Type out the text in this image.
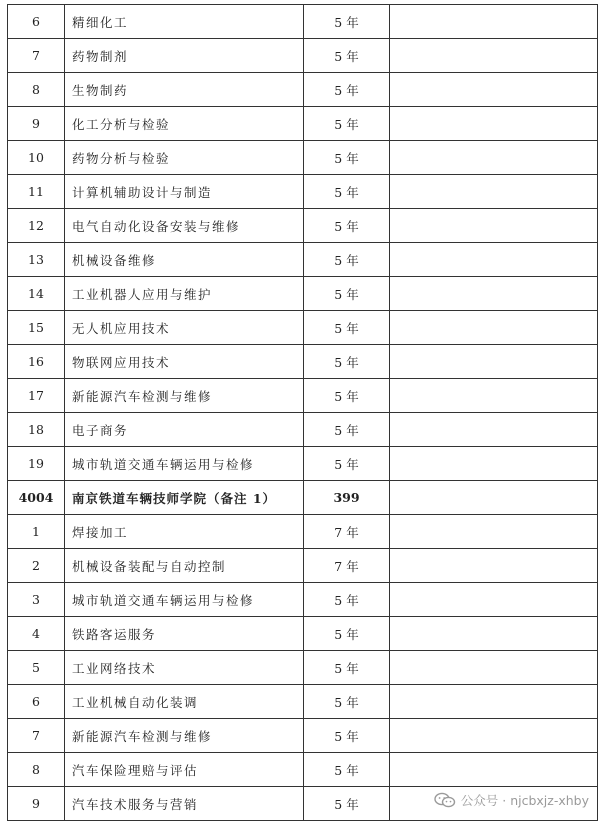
6	精细化工	5 年	
7	药物制剂	5 年	
8	生物制药	5 年	
9	化工分析与检验	5 年	
10	药物分析与检验	5 年	
11	计算机辅助设计与制造	5 年	
12	电气自动化设备安装与维修	5 年	
13	机械设备维修	5 年	
14	工业机器人应用与维护	5 年	
15	无人机应用技术	5 年	
16	物联网应用技术	5 年	
17	新能源汽车检测与维修	5 年	
18	电子商务	5 年	
19	城市轨道交通车辆运用与检修	5 年	
4004	南京铁道车辆技师学院（备注 1）	399	
1	焊接加工	7 年	
2	机械设备装配与自动控制	7 年	
3	城市轨道交通车辆运用与检修	5 年	
4	铁路客运服务	5 年	
5	工业网络技术	5 年	
6	工业机械自动化装调	5 年	
7	新能源汽车检测与维修	5 年	
8	汽车保险理赔与评估	5 年	
9	汽车技术服务与营销	5 年		公众号 · njcbxjz-xhby
